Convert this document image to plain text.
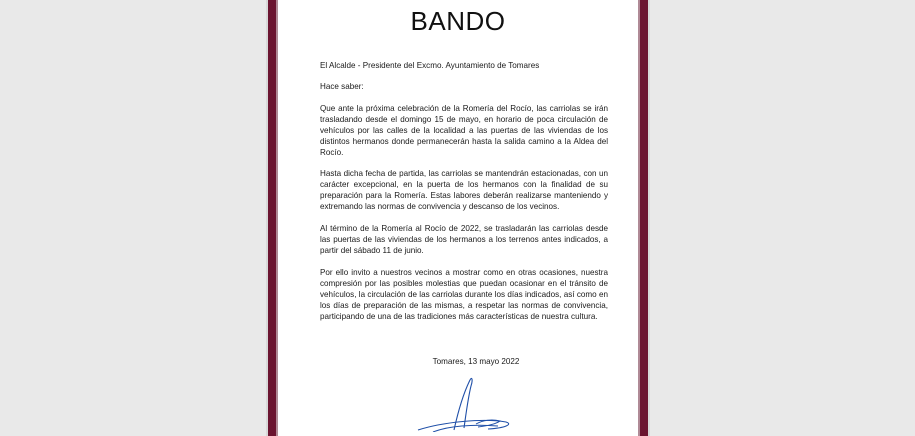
BANDO
El Alcalde - Presidente del Excmo. Ayuntamiento de Tomares
Hace saber:
Que ante la próxima celebración de la Romería del Rocío, las carriolas se irán trasladando desde el domingo 15 de mayo, en horario de poca circulación de vehículos por las calles de la localidad a las puertas de las viviendas de los distintos hermanos donde permanecerán hasta la salida camino a la Aldea del Rocío.
Hasta dicha fecha de partida, las carriolas se mantendrán estacionadas, con un carácter excepcional, en la puerta de los hermanos con la finalidad de su preparación para la Romería. Estas labores deberán realizarse manteniendo y extremando las normas de convivencia y descanso de los vecinos.
Al término de la Romería al Rocío de 2022, se trasladarán las carriolas desde las puertas de las viviendas de los hermanos a los terrenos antes indicados, a partir del sábado 11 de junio.
Por ello invito a nuestros vecinos a mostrar como en otras ocasiones, nuestra compresión por las posibles molestias que puedan ocasionar en el tránsito de vehículos, la circulación de las carriolas durante los días indicados, así como en los días de preparación de las mismas, a respetar las normas de convivencia, participando de una de las tradiciones más características de nuestra cultura.
Tomares, 13 mayo 2022
